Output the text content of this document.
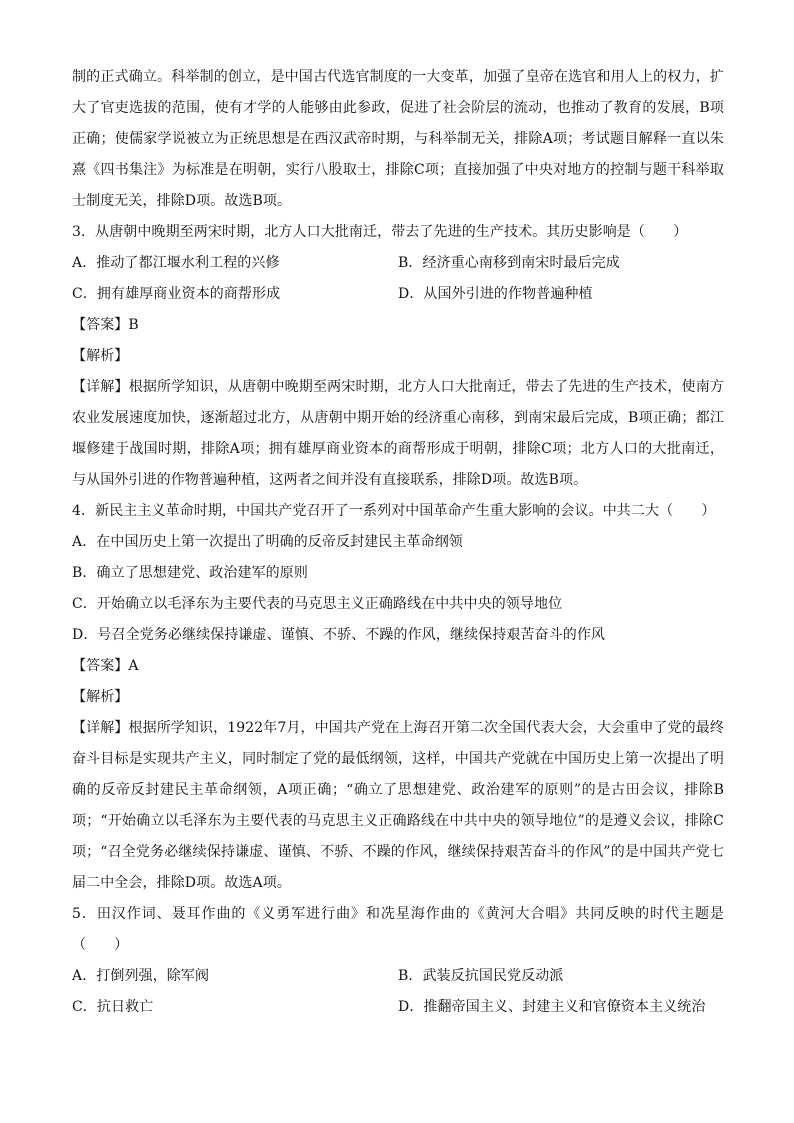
制的正式确立。科举制的创立，是中国古代选官制度的一大变革，加强了皇帝在选官和用人上的权力，扩大了官吏选拔的范围，使有才学的人能够由此参政，促进了社会阶层的流动，也推动了教育的发展，B项正确；使儒家学说被立为正统思想是在西汉武帝时期，与科举制无关，排除A项；考试题目解释一直以朱熹《四书集注》为标准是在明朝，实行八股取士，排除C项；直接加强了中央对地方的控制与题干科举取士制度无关，排除D项。故选B项。

3．从唐朝中晚期至两宋时期，北方人口大批南迁，带去了先进的生产技术。其历史影响是（　　）

A．推动了都江堰水利工程的兴修	B．经济重心南移到南宋时最后完成

C．拥有雄厚商业资本的商帮形成	D．从国外引进的作物普遍种植

【答案】B

【解析】

【详解】根据所学知识，从唐朝中晚期至两宋时期，北方人口大批南迁，带去了先进的生产技术，使南方农业发展速度加快，逐渐超过北方，从唐朝中期开始的经济重心南移，到南宋最后完成，B项正确；都江堰修建于战国时期，排除A项；拥有雄厚商业资本的商帮形成于明朝，排除C项；北方人口的大批南迁，与从国外引进的作物普遍种植，这两者之间并没有直接联系，排除D项。故选B项。

4．新民主主义革命时期，中国共产党召开了一系列对中国革命产生重大影响的会议。中共二大（　　）

A．在中国历史上第一次提出了明确的反帝反封建民主革命纲领

B．确立了思想建党、政治建军的原则

C．开始确立以毛泽东为主要代表的马克思主义正确路线在中共中央的领导地位

D．号召全党务必继续保持谦虚、谨慎、不骄、不躁的作风，继续保持艰苦奋斗的作风

【答案】A

【解析】

【详解】根据所学知识，1922年7月，中国共产党在上海召开第二次全国代表大会，大会重申了党的最终奋斗目标是实现共产主义，同时制定了党的最低纲领，这样，中国共产党就在中国历史上第一次提出了明确的反帝反封建民主革命纲领，A项正确；“确立了思想建党、政治建军的原则”的是古田会议，排除B项；“开始确立以毛泽东为主要代表的马克思主义正确路线在中共中央的领导地位”的是遵义会议，排除C项；“召全党务必继续保持谦虚、谨慎、不骄、不躁的作风，继续保持艰苦奋斗的作风”的是中国共产党七届二中全会，排除D项。故选A项。

5．田汉作词、聂耳作曲的《义勇军进行曲》和冼星海作曲的《黄河大合唱》共同反映的时代主题是（　　）

A．打倒列强，除军阀	B．武装反抗国民党反动派

C．抗日救亡	D．推翻帝国主义、封建主义和官僚资本主义统治
